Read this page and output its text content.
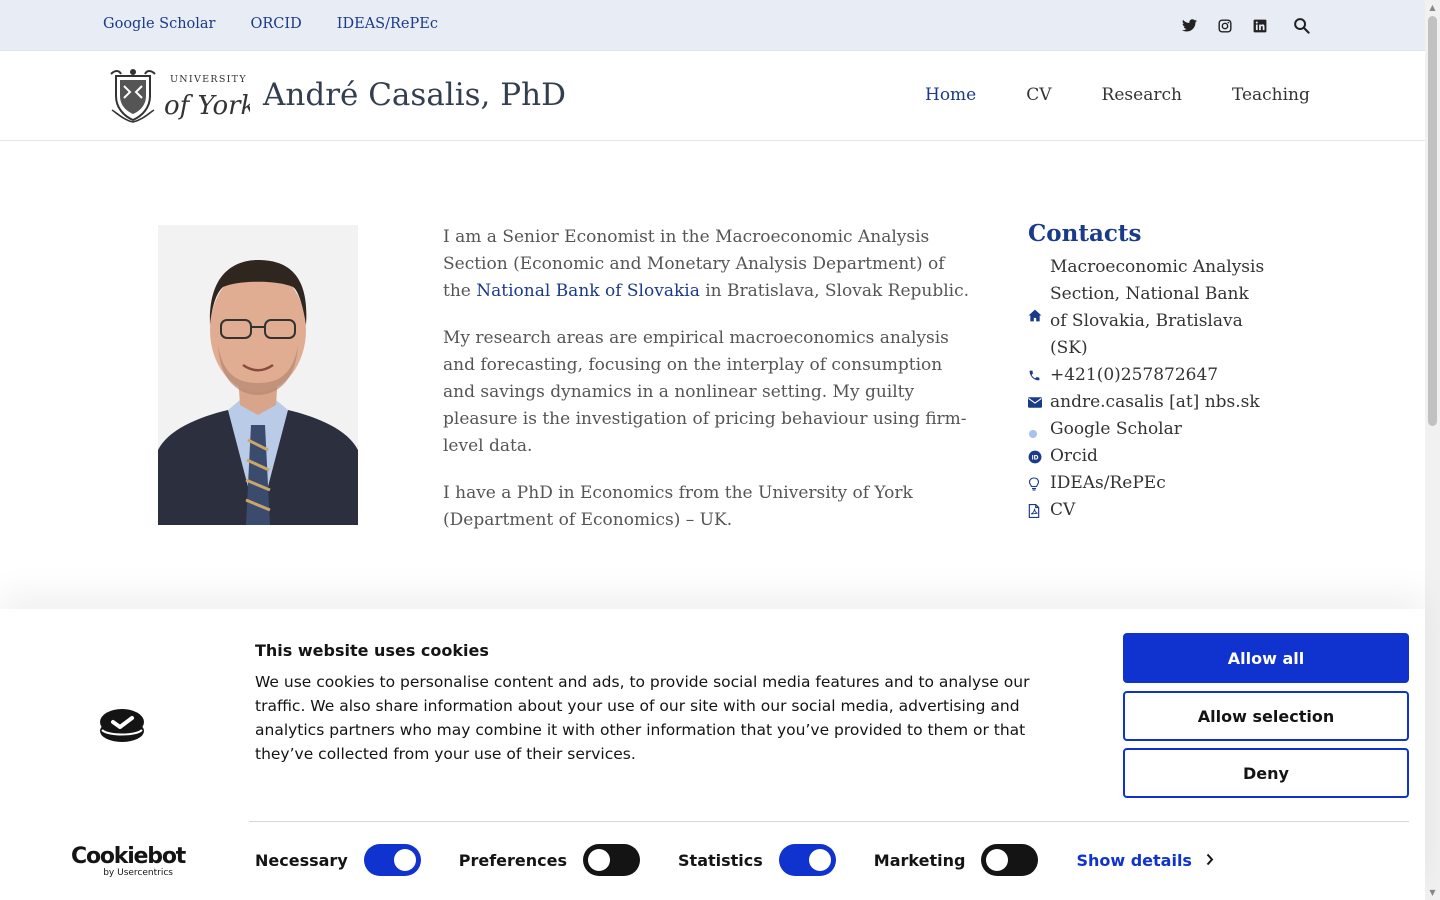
Google Scholar ORCID IDEAS/RePEc
UNIVERSITY
of York André Casalis, PhD	Home	CV	Research	Teaching

I am a Senior Economist in the Macroeconomic Analysis Section (Economic and Monetary Analysis Department) of the National Bank of Slovakia in Bratislava, Slovak Republic.

My research areas are empirical macroeconomics analysis and forecasting, focusing on the interplay of consumption and savings dynamics in a nonlinear setting. My guilty pleasure is the investigation of pricing behaviour using firm-level data.

I have a PhD in Economics from the University of York (Department of Economics) – UK.

Contacts
Macroeconomic Analysis Section, National Bank of Slovakia, Bratislava (SK)
+421(0)257872647
andre.casalis [at] nbs.sk
Google Scholar
iD Orcid
IDEAs/RePEc
CV
▲
▼
Cookiebot
by Usercentrics
This website uses cookies
We use cookies to personalise content and ads, to provide social media features and to analyse our traffic. We also share information about your use of our site with our social media, advertising and analytics partners who may combine it with other information that you’ve provided to them or that they’ve collected from your use of their services.
Allow all
Allow selection
Deny
Necessary	Preferences	Statistics	Marketing	Show details
